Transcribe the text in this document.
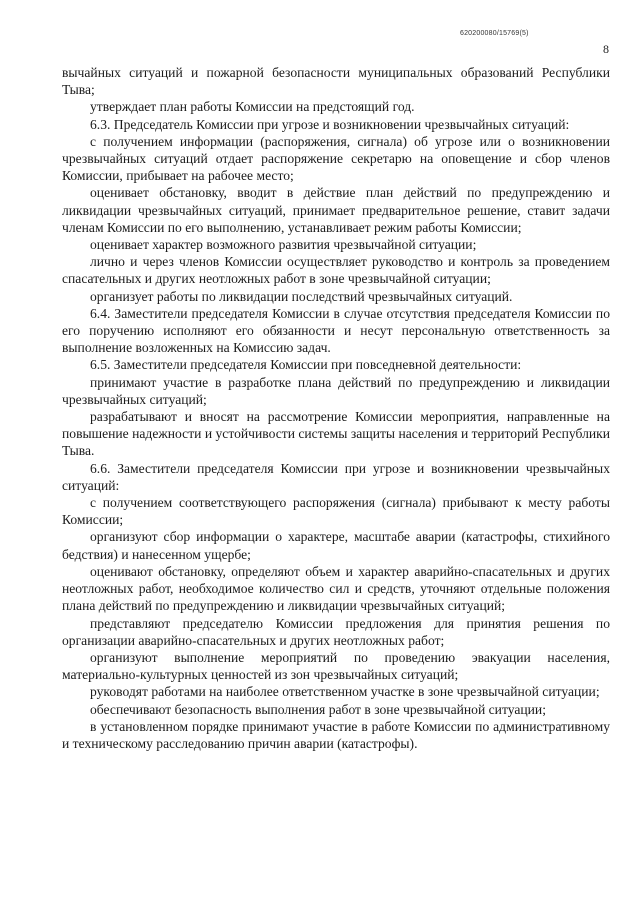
620200080/15769(5)
8

вычайных ситуаций и пожарной безопасности муниципальных образований Республики Тыва;

утверждает план работы Комиссии на предстоящий год.

6.3. Председатель Комиссии при угрозе и возникновении чрезвычайных ситуаций:

с получением информации (распоряжения, сигнала) об угрозе или о возникновении чрезвычайных ситуаций отдает распоряжение секретарю на оповещение и сбор членов Комиссии, прибывает на рабочее место;

оценивает обстановку, вводит в действие план действий по предупреждению и ликвидации чрезвычайных ситуаций, принимает предварительное решение, ставит задачи членам Комиссии по его выполнению, устанавливает режим работы Комиссии;

оценивает характер возможного развития чрезвычайной ситуации;

лично и через членов Комиссии осуществляет руководство и контроль за проведением спасательных и других неотложных работ в зоне чрезвычайной ситуации;

организует работы по ликвидации последствий чрезвычайных ситуаций.

6.4. Заместители председателя Комиссии в случае отсутствия председателя Комиссии по его поручению исполняют его обязанности и несут персональную ответственность за выполнение возложенных на Комиссию задач.

6.5. Заместители председателя Комиссии при повседневной деятельности:

принимают участие в разработке плана действий по предупреждению и ликвидации чрезвычайных ситуаций;

разрабатывают и вносят на рассмотрение Комиссии мероприятия, направленные на повышение надежности и устойчивости системы защиты населения и территорий Республики Тыва.

6.6. Заместители председателя Комиссии при угрозе и возникновении чрезвычайных ситуаций:

с получением соответствующего распоряжения (сигнала) прибывают к месту работы Комиссии;

организуют сбор информации о характере, масштабе аварии (катастрофы, стихийного бедствия) и нанесенном ущербе;

оценивают обстановку, определяют объем и характер аварийно-спасательных и других неотложных работ, необходимое количество сил и средств, уточняют отдельные положения плана действий по предупреждению и ликвидации чрезвычайных ситуаций;

представляют председателю Комиссии предложения для принятия решения по организации аварийно-спасательных и других неотложных работ;

организуют выполнение мероприятий по проведению эвакуации населения, материально-культурных ценностей из зон чрезвычайных ситуаций;

руководят работами на наиболее ответственном участке в зоне чрезвычайной ситуации;

обеспечивают безопасность выполнения работ в зоне чрезвычайной ситуации;

в установленном порядке принимают участие в работе Комиссии по административному и техническому расследованию причин аварии (катастрофы).
